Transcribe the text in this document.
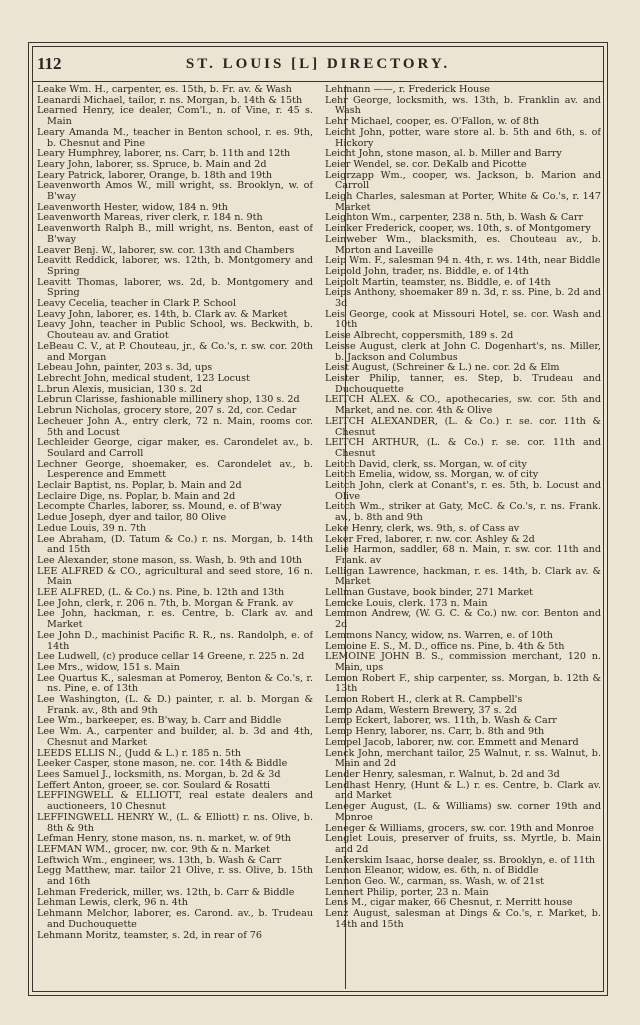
112	ST. LOUIS [L] DIRECTORY.

Leake Wm. H., carpenter, es. 15th, b. Fr. av. & Wash

Leanardi Michael, tailor, r. ns. Morgan, b. 14th & 15th

Learned Henry, ice dealer, Com'l., n. of Vine, r. 45 s. Main

Leary Amanda M., teacher in Benton school, r. es. 9th, b. Chesnut and Pine

Leary Humphrey, laborer, ns. Carr, b. 11th and 12th

Leary John, laborer, ss. Spruce, b. Main and 2d

Leary Patrick, laborer, Orange, b. 18th and 19th

Leavenworth Amos W., mill wright, ss. Brooklyn, w. of B'way

Leavenworth Hester, widow, 184 n. 9th

Leavenworth Mareas, river clerk, r. 184 n. 9th

Leavenworth Ralph B., mill wright, ns. Benton, east of B'way

Leaver Benj. W., laborer, sw. cor. 13th and Chambers

Leavitt Reddick, laborer, ws. 12th, b. Montgomery and Spring

Leavitt Thomas, laborer, ws. 2d, b. Montgomery and Spring

Leavy Cecelia, teacher in Clark P. School

Leavy John, laborer, es. 14th, b. Clark av. & Market

Leavy John, teacher in Public School, ws. Beckwith, b. Chouteau av. and Gratiot

LeBeau C. V., at P. Chouteau, jr., & Co.'s, r. sw. cor. 20th and Morgan

Lebeau John, painter, 203 s. 3d, ups

Lebrecht John, medical student, 123 Locust

L.brun Alexis, musician, 130 s. 2d

Lebrun Clarisse, fashionable millinery shop, 130 s. 2d

Lebrun Nicholas, grocery store, 207 s. 2d, cor. Cedar

Lecheuer John A., entry clerk, 72 n. Main, rooms cor. 5th and Locust

Lechleider George, cigar maker, es. Carondelet av., b. Soulard and Carroll

Lechner George, shoemaker, es. Carondelet av., b. Lesperence and Emmett

Leclair Baptist, ns. Poplar, b. Main and 2d

Leclaire Dige, ns. Poplar, b. Main and 2d

Lecompte Charles, laborer, ss. Mound, e. of B'way

Ledue Joseph, dyer and tailor, 80 Olive

Ledue Louis, 39 n. 7th

Lee Abraham, (D. Tatum & Co.) r. ns. Morgan, b. 14th and 15th

Lee Alexander, stone mason, ss. Wash, b. 9th and 10th

LEE ALFRED & CO., agricultural and seed store, 16 n. Main

LEE ALFRED, (L. & Co.) ns. Pine, b. 12th and 13th

Lee John, clerk, r. 206 n. 7th, b. Morgan & Frank. av

Lee John, hackman, r. es. Centre, b. Clark av. and Market

Lee John D., machinist Pacific R. R., ns. Randolph, e. of 14th

Lee Ludwell, (c) produce cellar 14 Greene, r. 225 n. 2d

Lee Mrs., widow, 151 s. Main

Lee Quartus K., salesman at Pomeroy, Benton & Co.'s, r. ns. Pine, e. of 13th

Lee Washington, (L. & D.) painter, r. al. b. Morgan & Frank. av., 8th and 9th

Lee Wm., barkeeper, es. B'way, b. Carr and Biddle

Lee Wm. A., carpenter and builder, al. b. 3d and 4th, Chesnut and Market

LEEDS ELLIS N., (Judd & L.) r. 185 n. 5th

Leeker Casper, stone mason, ne. cor. 14th & Biddle

Lees Samuel J., locksmith, ns. Morgan, b. 2d & 3d

Leffert Anton, groeer, se. cor. Soulard & Rosatti

LEFFINGWELL & ELLIOTT, real estate dealers and auctioneers, 10 Chesnut

LEFFINGWELL HENRY W., (L. & Elliott) r. ns. Olive, b. 8th & 9th

Lefman Henry, stone mason, ns. n. market, w. of 9th

LEFMAN WM., grocer, nw. cor. 9th & n. Market

Leftwich Wm., engineer, ws. 13th, b. Wash & Carr

Legg Matthew, mar. tailor 21 Olive, r. ss. Olive, b. 15th and 16th

Lehman Frederick, miller, ws. 12th, b. Carr & Biddle

Lehman Lewis, clerk, 96 n. 4th

Lehmann Melchor, laborer, es. Carond. av., b. Trudeau and Duchouquette

Lehmann Moritz, teamster, s. 2d, in rear of 76

Lehmann ——, r. Frederick House

Lehr George, locksmith, ws. 13th, b. Franklin av. and Wash

Lehr Michael, cooper, es. O'Fallon, w. of 8th

Leicht John, potter, ware store al. b. 5th and 6th, s. of Hickory

Leicht John, stone mason, al. b. Miller and Barry

Leier Wendel, se. cor. DeKalb and Picotte

Leigrzapp Wm., cooper, ws. Jackson, b. Marion and Carroll

Leigh Charles, salesman at Porter, White & Co.'s, r. 147 Market

Leighton Wm., carpenter, 238 n. 5th, b. Wash & Carr

Leinker Frederick, cooper, ws. 10th, s. of Montgomery

Leinweber Wm., blacksmith, es. Chouteau av., b. Morton and Laveille

Leip Wm. F., salesman 94 n. 4th, r. ws. 14th, near Biddle

Leipold John, trader, ns. Biddle, e. of 14th

Leipolt Martin, teamster, ns. Biddle, e. of 14th

Leips Anthony, shoemaker 89 n. 3d, r. ss. Pine, b. 2d and 3d

Leis George, cook at Missouri Hotel, se. cor. Wash and 10th

Leise Albrecht, coppersmith, 189 s. 2d

Leisse August, clerk at John C. Dogenhart's, ns. Miller, b. Jackson and Columbus

Leist August, (Schreiner & L.) ne. cor. 2d & Elm

Leister Philip, tanner, es. Step, b. Trudeau and Duchouquette

LEITCH ALEX. & CO., apothecaries, sw. cor. 5th and Market, and ne. cor. 4th & Olive

LEITCH ALEXANDER, (L. & Co.) r. se. cor. 11th & Chesnut

LEITCH ARTHUR, (L. & Co.) r. se. cor. 11th and Chesnut

Leitch David, clerk, ss. Morgan, w. of city

Leitch Emelia, widow, ss. Morgan, w. of city

Leitch John, clerk at Conant's, r. es. 5th, b. Locust and Olive

Leitch Wm., striker at Gaty, McC. & Co.'s, r. ns. Frank. av., b. 8th and 9th

Leke Henry, clerk, ws. 9th, s. of Cass av

Leker Fred, laborer, r. nw. cor. Ashley & 2d

Lelie Harmon, saddler, 68 n. Main, r. sw. cor. 11th and Frank. av

Lelligan Lawrence, hackman, r. es. 14th, b. Clark av. & Market

Lellman Gustave, book binder, 271 Market

Lemcke Louis, clerk. 173 n. Main

Lemmon Andrew, (W. G. C. & Co.) nw. cor. Benton and 2d

Lemmons Nancy, widow, ns. Warren, e. of 10th

Lemoine E. S., M. D., office ns. Pine, b. 4th & 5th

LEMOINE JOHN B. S., commission merchant, 120 n. Main, ups

Lemon Robert F., ship carpenter, ss. Morgan, b. 12th & 13th

Lemon Robert H., clerk at R. Campbell's

Lemp Adam, Western Brewery, 37 s. 2d

Lemp Eckert, laborer, ws. 11th, b. Wash & Carr

Lemp Henry, laborer, ns. Carr, b. 8th and 9th

Lempel Jacob, laborer, nw. cor. Emmett and Menard

Lenck John, merchant tailor, 25 Walnut, r. ss. Walnut, b. Main and 2d

Lender Henry, salesman, r. Walnut, b. 2d and 3d

Lendhast Henry, (Hunt & L.) r. es. Centre, b. Clark av. and Market

Leneger August, (L. & Williams) sw. corner 19th and Monroe

Leneger & Williams, grocers, sw. cor. 19th and Monroe

Lenglet Louis, preserver of fruits, ss. Myrtle, b. Main and 2d

Lenkerskim Isaac, horse dealer, ss. Brooklyn, e. of 11th

Lennon Eleanor, widow, es. 6th, n. of Biddle

Lennon Geo. W., carman, ss. Wash, w. of 21st

Lennert Philip, porter, 23 n. Main

Lens M., cigar maker, 66 Chesnut, r. Merritt house

Lenz August, salesman at Dings & Co.'s, r. Market, b. 14th and 15th
